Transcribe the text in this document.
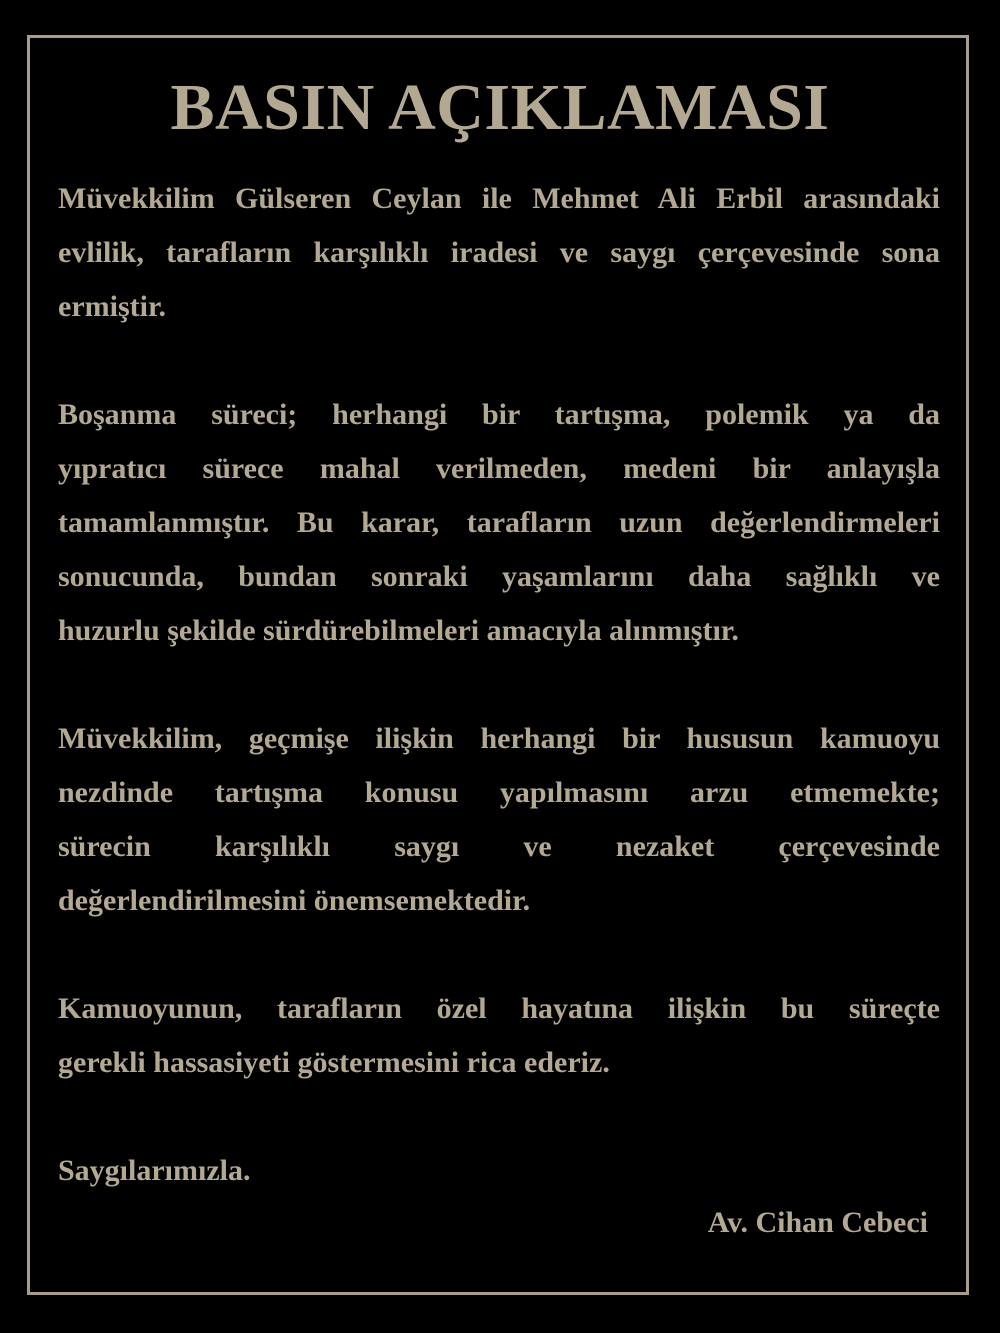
BASIN AÇIKLAMASI
Müvekkilim Gülseren Ceylan ile Mehmet Ali Erbil arasındaki
evlilik, tarafların karşılıklı iradesi ve saygı çerçevesinde sona
ermiştir.
Boşanma süreci; herhangi bir tartışma, polemik ya da
yıpratıcı sürece mahal verilmeden, medeni bir anlayışla
tamamlanmıştır. Bu karar, tarafların uzun değerlendirmeleri
sonucunda, bundan sonraki yaşamlarını daha sağlıklı ve
huzurlu şekilde sürdürebilmeleri amacıyla alınmıştır.
Müvekkilim, geçmişe ilişkin herhangi bir hususun kamuoyu
nezdinde tartışma konusu yapılmasını arzu etmemekte;
sürecin karşılıklı saygı ve nezaket çerçevesinde
değerlendirilmesini önemsemektedir.
Kamuoyunun, tarafların özel hayatına ilişkin bu süreçte
gerekli hassasiyeti göstermesini rica ederiz.
Saygılarımızla.
Av. Cihan Cebeci
